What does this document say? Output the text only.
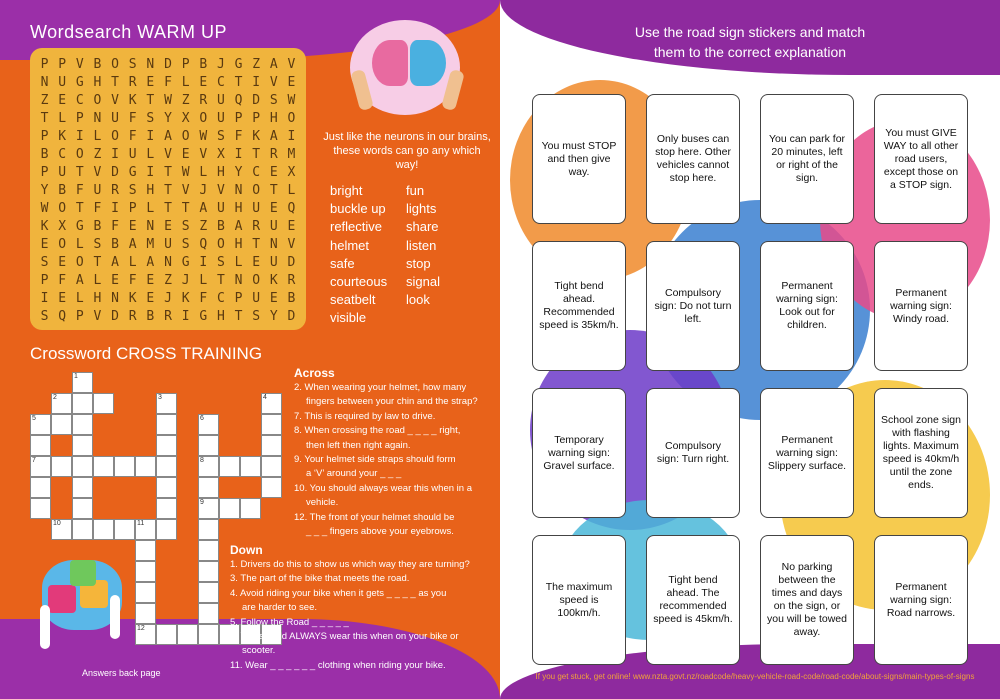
Wordsearch WARM UP
P P V B O S N D P B J G Z A V
N U G H T R E F L E C T I V E
Z E C O V K T W Z R U Q D S W
T L P N U F S Y X O U P P H O
P K I L O F I A O W S F K A I
B C O Z I U L V E V X I T R M
P U T V D G I T W L H Y C E X
Y B F U R S H T V J V N O T L
W O T F I P L T T A U H U E Q
K X G B F E N E S Z B A R U E
E O L S B A M U S Q O H T N V
S E O T A L A N G I S L E U D
P F A L E F E Z J L T N O K R
I E L H N K E J K F C P U E B
S Q P V D R B R I G H T S Y D
Just like the neurons in our brains, these words can go any which way!
bright
buckle up
reflective
helmet
safe
courteous
seatbelt
visible
fun
lights
share
listen
stop
signal
look
Crossword CROSS TRAINING
1
2	3	4
5	6
7	8
9
10	11
12
Across
2. When wearing your helmet, how many
fingers between your chin and the strap?
7. This is required by law to drive.
8. When crossing the road _ _ _ _ right,
then left then right again.
9. Your helmet side straps should form
a ‘V’ around your _ _ _
10. You should always wear this when in a
vehicle.
12. The front of your helmet should be
_ _ _ fingers above your eyebrows.
Down
1. Drivers do this to show us which way they are turning?
3. The part of the bike that meets the road.
4. Avoid riding your bike when it gets _ _ _ _ as you
are harder to see.
5. Follow the Road _ _ _ _ _
6. You should ALWAYS wear this when on your bike or
scooter.
11. Wear _ _ _ _ _ _ clothing when riding your bike.
Answers back page
Use the road sign stickers and match
them to the correct explanation
You must STOP and then give way.
Only buses can stop here. Other vehicles cannot stop here.
You can park for 20 minutes, left or right of the sign.
You must GIVE WAY to all other road users, except those on a STOP sign.
Tight bend ahead. Recommended speed is 35km/h.
Compulsory sign: Do not turn left.
Permanent warning sign: Look out for children.
Permanent warning sign: Windy road.
Temporary warning sign: Gravel surface.
Compulsory sign: Turn right.
Permanent warning sign: Slippery surface.
School zone sign with flashing lights. Maximum speed is 40km/h until the zone ends.
The maximum speed is 100km/h.
Tight bend ahead. The recommended speed is 45km/h.
No parking between the times and days on the sign, or you will be towed away.
Permanent warning sign: Road narrows.
If you get stuck, get online! www.nzta.govt.nz/roadcode/heavy-vehicle-road-code/road-code/about-signs/main-types-of-signs
